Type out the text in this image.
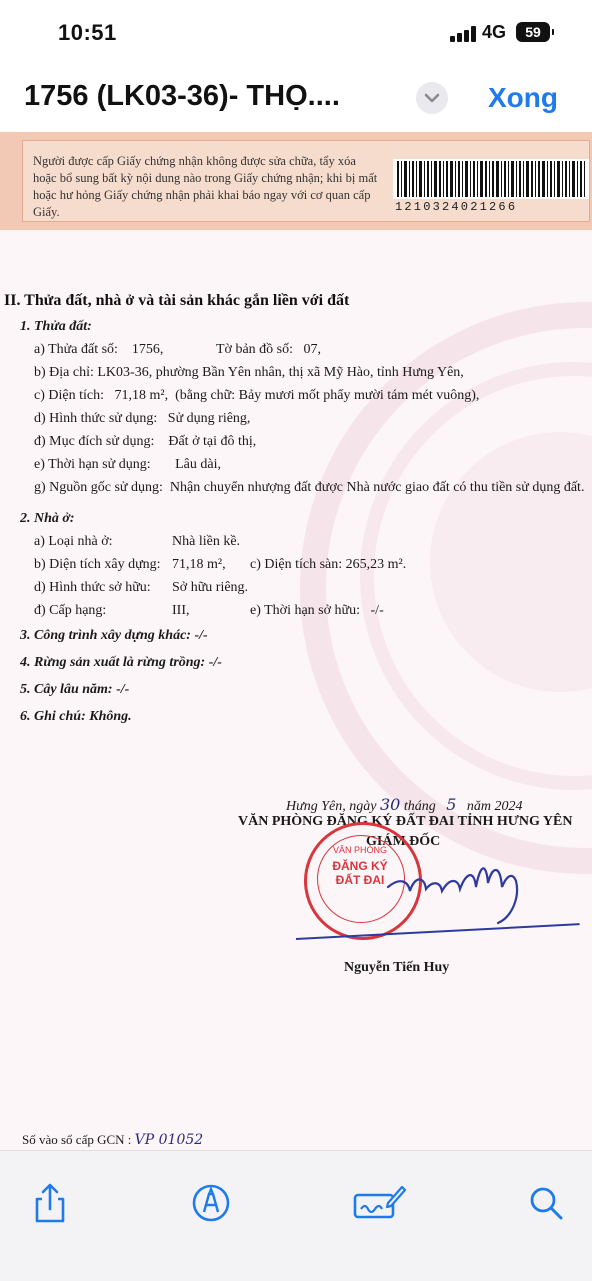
10:51	4G	59
1756 (LK03-36)- THỌ....	Xong
Người được cấp Giấy chứng nhận không được sửa chữa, tẩy xóa hoặc bổ sung bất kỳ nội dung nào trong Giấy chứng nhận; khi bị mất hoặc hư hỏng Giấy chứng nhận phải khai báo ngay với cơ quan cấp Giấy.	1210324021266
II. Thửa đất, nhà ở và tài sản khác gắn liền với đất
1. Thửa đất:
a) Thửa đất số: 1756,	Tờ bản đồ số: 07,
b) Địa chỉ: LK03-36, phường Bần Yên nhân, thị xã Mỹ Hào, tỉnh Hưng Yên,
c) Diện tích: 71,18 m², (bằng chữ: Bảy mươi mốt phẩy mười tám mét vuông),
d) Hình thức sử dụng: Sử dụng riêng,
đ) Mục đích sử dụng: Đất ở tại đô thị,
e) Thời hạn sử dụng: Lâu dài,
g) Nguồn gốc sử dụng: Nhận chuyển nhượng đất được Nhà nước giao đất có thu tiền sử dụng đất.
2. Nhà ở:
a) Loại nhà ở:	Nhà liền kề.
b) Diện tích xây dựng: 71,18 m², c) Diện tích sàn: 265,23 m².
d) Hình thức sở hữu: Sở hữu riêng.
đ) Cấp hạng:	III,	e) Thời hạn sở hữu: -/-
3. Công trình xây dựng khác: -/-
4. Rừng sản xuất là rừng trồng: -/-
5. Cây lâu năm: -/-
6. Ghi chú: Không.
Hưng Yên, ngày 30 tháng 5 năm 2024
VĂN PHÒNG ĐĂNG KÝ ĐẤT ĐAI TỈNH HƯNG YÊN
GIÁM ĐỐC
VĂN PHÒNG
ĐĂNG KÝ ĐẤT ĐAI
Nguyễn Tiến Huy
Số vào sổ cấp GCN : VP 01052
